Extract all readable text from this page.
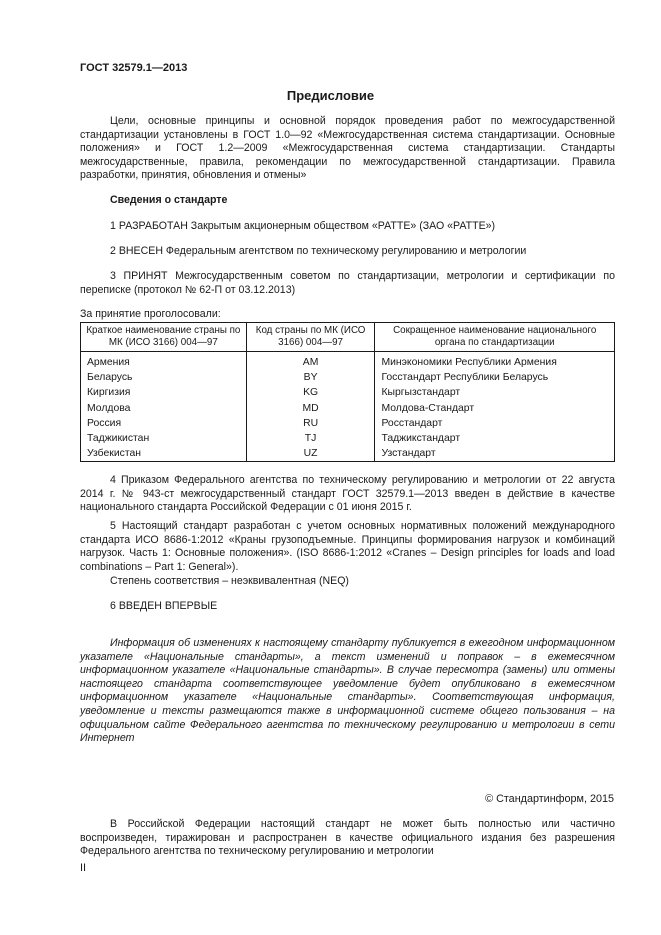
ГОСТ 32579.1—2013
Предисловие

Цели, основные принципы и основной порядок проведения работ по межгосударственной стандартизации установлены в ГОСТ 1.0—92 «Межгосударственная система стандартизации. Основные положения» и ГОСТ 1.2—2009 «Межгосударственная система стандартизации. Стандарты межгосударственные, правила, рекомендации по межгосударственной стандартизации. Правила разработки, принятия, обновления и отмены»

Сведения о стандарте

1 РАЗРАБОТАН Закрытым акционерным обществом «РАТТЕ» (ЗАО «РАТТЕ»)

2 ВНЕСЕН Федеральным агентством по техническому регулированию и метрологии

3 ПРИНЯТ Межгосударственным советом по стандартизации, метрологии и сертификации по переписке (протокол № 62-П от 03.12.2013)

За принятие проголосовали:

Краткое наименование страны по МК (ИСО 3166) 004—97	Код страны по МК (ИСО 3166) 004—97	Сокращенное наименование национального органа по стандартизации
Армения	AM	Минэкономики Республики Армения
Беларусь	BY	Госстандарт Республики Беларусь
Киргизия	KG	Кыргызстандарт
Молдова	MD	Молдова-Стандарт
Россия	RU	Росстандарт
Таджикистан	TJ	Таджикстандарт
Узбекистан	UZ	Узстандарт

4 Приказом Федерального агентства по техническому регулированию и метрологии от 22 августа 2014 г. № 943-ст межгосударственный стандарт ГОСТ 32579.1—2013 введен в действие в качестве национального стандарта Российской Федерации с 01 июня 2015 г.

5 Настоящий стандарт разработан с учетом основных нормативных положений международного стандарта ИСО 8686-1:2012 «Краны грузоподъемные. Принципы формирования нагрузок и комбинаций нагрузок. Часть 1: Основные положения». (ISO 8686-1:2012 «Cranes – Design principles for loads and load combinations – Part 1: General»).

Степень соответствия – неэквивалентная (NEQ)

6 ВВЕДЕН ВПЕРВЫЕ

Информация об изменениях к настоящему стандарту публикуется в ежегодном информационном указателе «Национальные стандарты», а текст изменений и поправок – в ежемесячном информационном указателе «Национальные стандарты». В случае пересмотра (замены) или отмены настоящего стандарта соответствующее уведомление будет опубликовано в ежемесячном информационном указателе «Национальные стандарты». Соответствующая информация, уведомление и тексты размещаются также в информационной системе общего пользования – на официальном сайте Федерального агентства по техническому регулированию и метрологии в сети Интернет

© Стандартинформ, 2015

В Российской Федерации настоящий стандарт не может быть полностью или частично воспроизведен, тиражирован и распространен в качестве официального издания без разрешения Федерального агентства по техническому регулированию и метрологии

II
